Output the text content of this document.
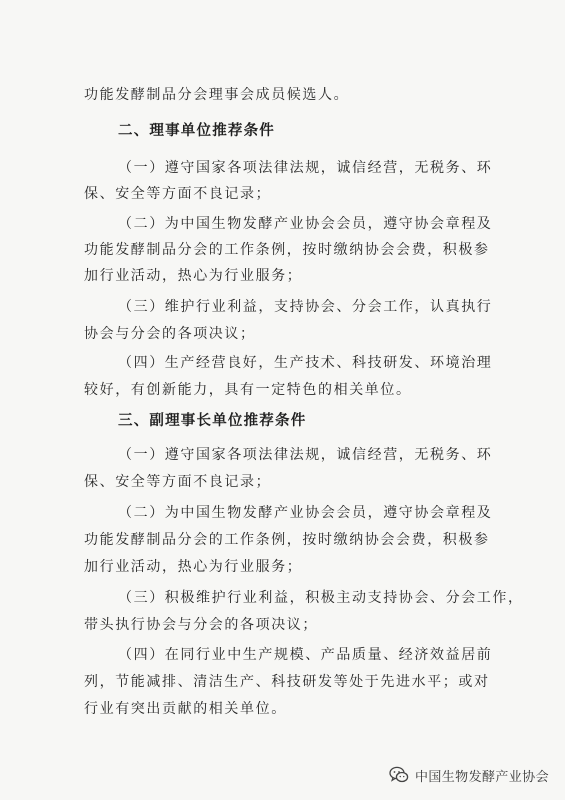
功能发酵制品分会理事会成员候选人。
二、理事单位推荐条件
（一）遵守国家各项法律法规，诚信经营，无税务、环
保、安全等方面不良记录；
（二）为中国生物发酵产业协会会员，遵守协会章程及
功能发酵制品分会的工作条例，按时缴纳协会会费，积极参
加行业活动，热心为行业服务；
（三）维护行业利益，支持协会、分会工作，认真执行
协会与分会的各项决议；
（四）生产经营良好，生产技术、科技研发、环境治理
较好，有创新能力，具有一定特色的相关单位。
三、副理事长单位推荐条件
（一）遵守国家各项法律法规，诚信经营，无税务、环
保、安全等方面不良记录；
（二）为中国生物发酵产业协会会员，遵守协会章程及
功能发酵制品分会的工作条例，按时缴纳协会会费，积极参
加行业活动，热心为行业服务；
（三）积极维护行业利益，积极主动支持协会、分会工作，
带头执行协会与分会的各项决议；
（四）在同行业中生产规模、产品质量、经济效益居前
列，节能减排、清洁生产、科技研发等处于先进水平；或对
行业有突出贡献的相关单位。
中国生物发酵产业协会
